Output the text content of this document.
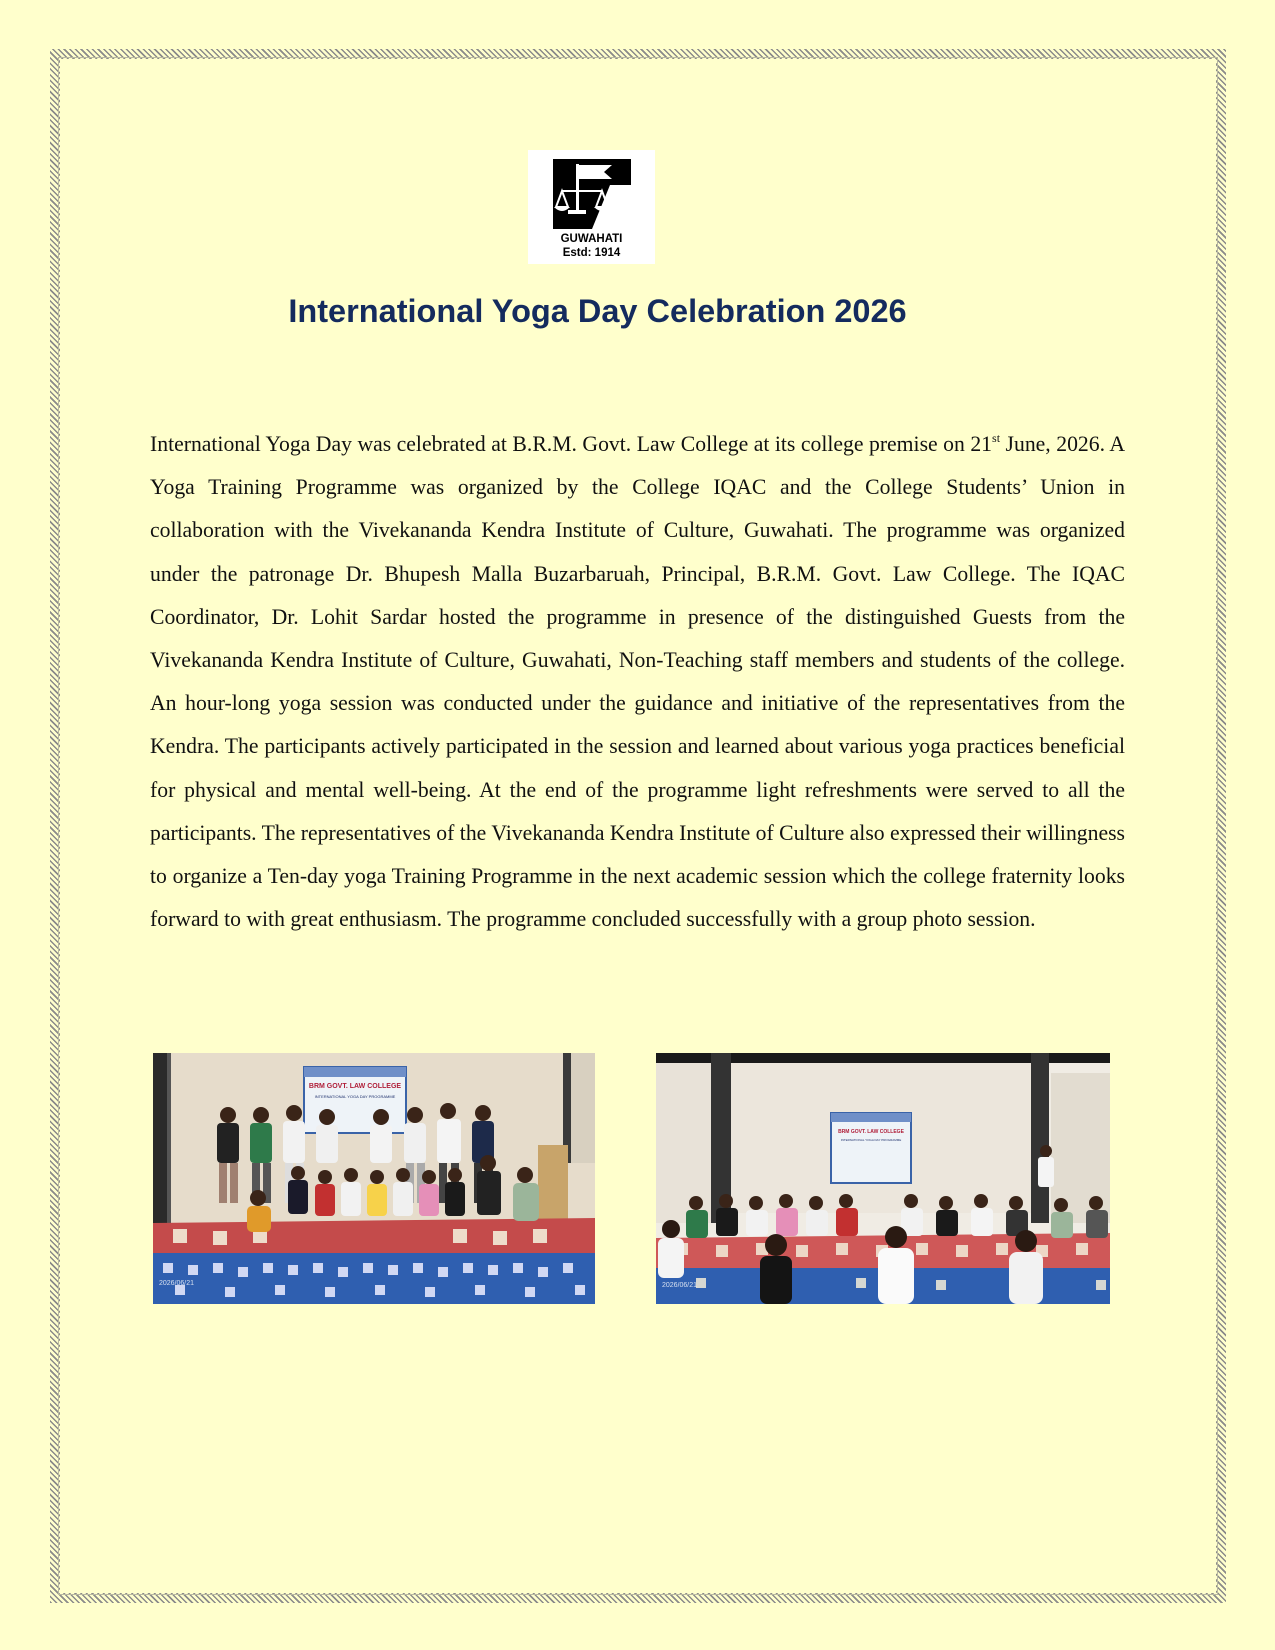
GUWAHATI
Estd: 1914
International Yoga Day Celebration 2026

International Yoga Day was celebrated at B.R.M. Govt. Law College at its college premise on 21st June, 2026. A Yoga Training Programme was organized by the College IQAC and the College Students’ Union in collaboration with the Vivekananda Kendra Institute of Culture, Guwahati. The programme was organized under the patronage Dr. Bhupesh Malla Buzarbaruah, Principal, B.R.M. Govt. Law College. The IQAC Coordinator, Dr. Lohit Sardar hosted the programme in presence of the distinguished Guests from the Vivekananda Kendra Institute of Culture, Guwahati, Non-Teaching staff members and students of the college. An hour-long yoga session was conducted under the guidance and initiative of the representatives from the Kendra. The participants actively participated in the session and learned about various yoga practices beneficial for physical and mental well-being. At the end of the programme light refreshments were served to all the participants. The representatives of the Vivekananda Kendra Institute of Culture also expressed their willingness to organize a Ten-day yoga Training Programme in the next academic session which the college fraternity looks forward to with great enthusiasm. The programme concluded successfully with a group photo session.

BRM GOVT. LAW COLLEGE
INTERNATIONAL YOGA DAY PROGRAMME
2026/06/21
BRM GOVT. LAW COLLEGE
INTERNATIONAL YOGA DAY PROGRAMME
2026/06/21
